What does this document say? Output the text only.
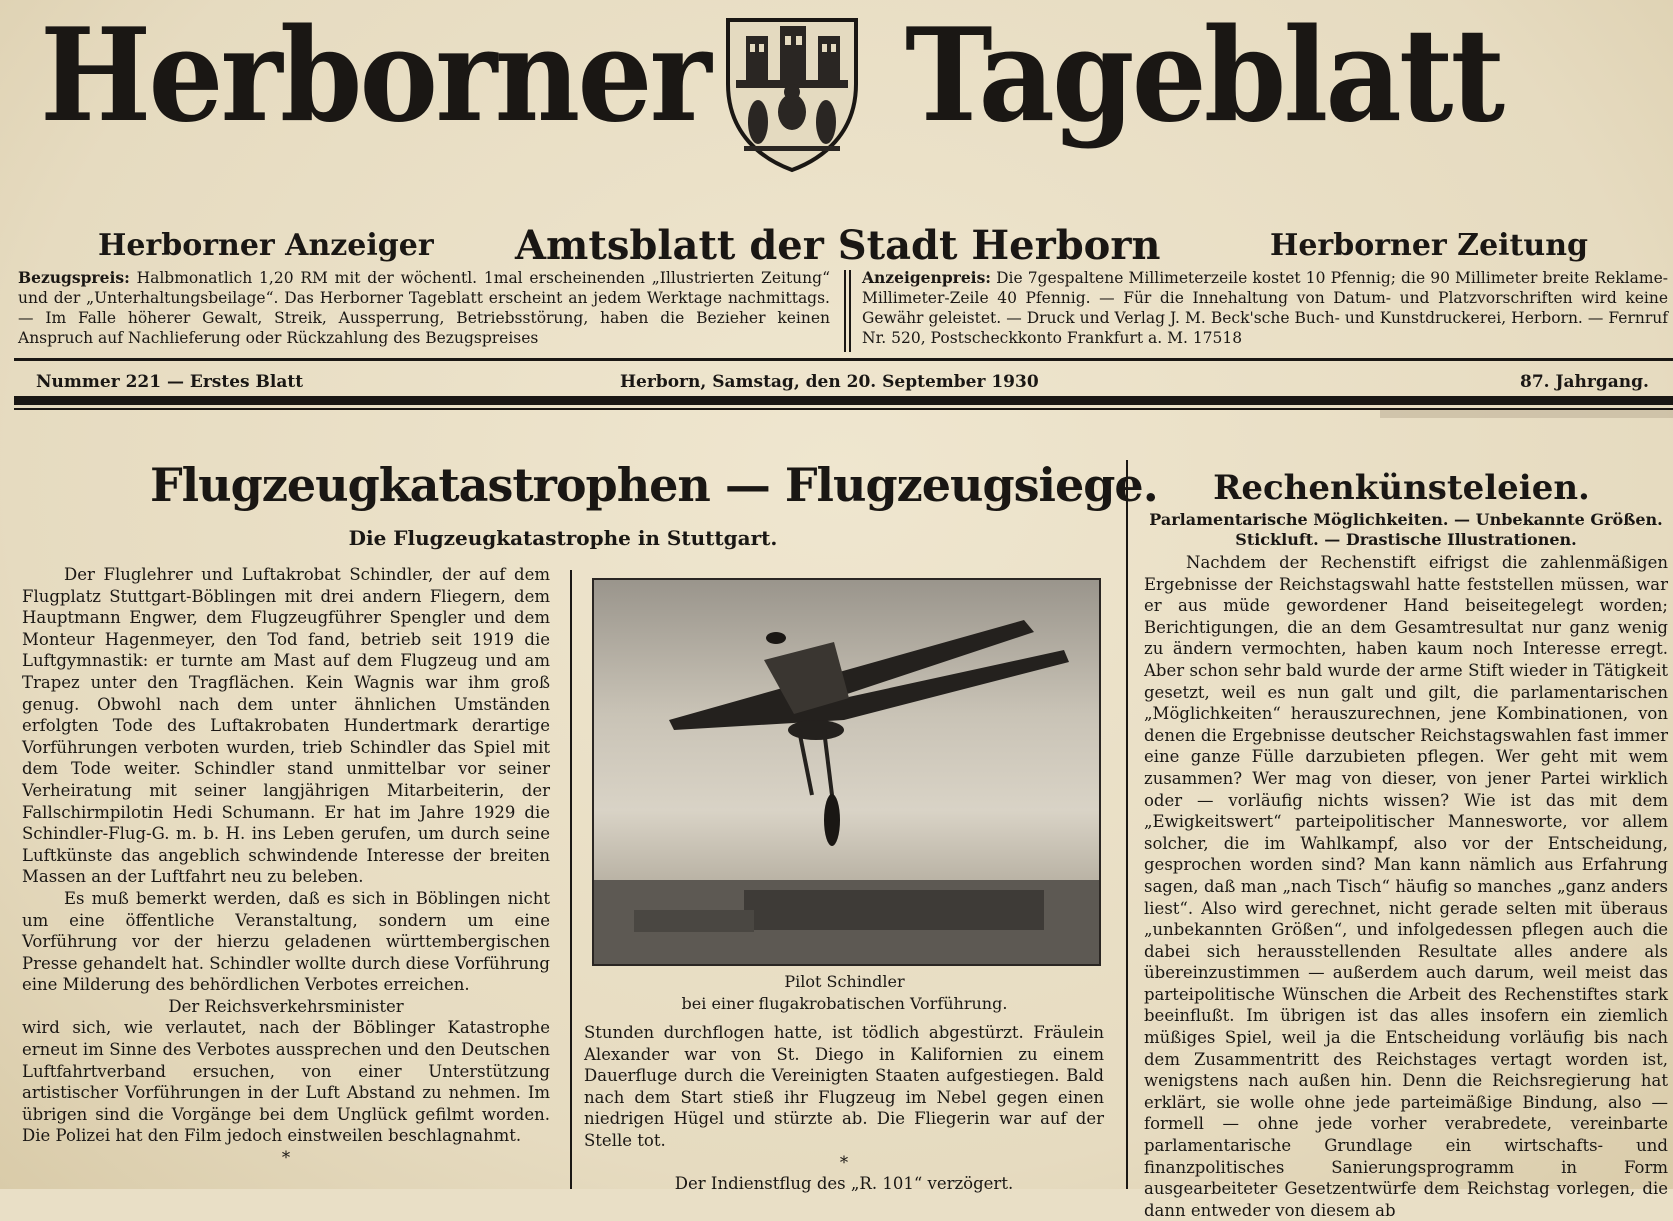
Herborner Tageblatt
Herborner Anzeiger Amtsblatt der Stadt Herborn	Herborner Zeitung
Bezugspreis: Halbmonatlich 1,20 RM mit der wöchentl. 1mal erscheinenden „Illustrierten Zeitung“ und der „Unterhaltungsbeilage“. Das Herborner Tageblatt erscheint an jedem Werktage nachmittags. — Im Falle höherer Gewalt, Streik, Aussperrung, Betriebsstörung, haben die Bezieher keinen Anspruch auf Nachlieferung oder Rückzahlung des Bezugspreises
Anzeigenpreis: Die 7gespaltene Millimeterzeile kostet 10 Pfennig; die 90 Millimeter breite Reklame-Millimeter-Zeile 40 Pfennig. — Für die Innehaltung von Datum- und Platzvorschriften wird keine Gewähr geleistet. — Druck und Verlag J. M. Beck'sche Buch- und Kunstdruckerei, Herborn. — Fernruf Nr. 520, Postscheckkonto Frankfurt a. M. 17518
Nummer 221 — Erstes Blatt	Herborn, Samstag, den 20. September 1930	87. Jahrgang.
Flugzeugkatastrophen — Flugzeugsiege.
Die Flugzeugkatastrophe in Stuttgart.

Der Fluglehrer und Luftakrobat Schindler, der auf dem Flugplatz Stuttgart-Böblingen mit drei andern Fliegern, dem Hauptmann Engwer, dem Flugzeugführer Spengler und dem Monteur Hagenmeyer, den Tod fand, betrieb seit 1919 die Luftgymnastik: er turnte am Mast auf dem Flugzeug und am Trapez unter den Tragflächen. Kein Wagnis war ihm groß genug. Obwohl nach dem unter ähnlichen Umständen erfolgten Tode des Luftakrobaten Hundertmark derartige Vorführungen verboten wurden, trieb Schindler das Spiel mit dem Tode weiter. Schindler stand unmittelbar vor seiner Verheiratung mit seiner langjährigen Mitarbeiterin, der Fallschirmpilotin Hedi Schumann. Er hat im Jahre 1929 die Schindler-Flug-G. m. b. H. ins Leben gerufen, um durch seine Luftkünste das angeblich schwindende Interesse der breiten Massen an der Luftfahrt neu zu beleben.

Es muß bemerkt werden, daß es sich in Böblingen nicht um eine öffentliche Veranstaltung, sondern um eine Vorführung vor der hierzu geladenen württembergischen Presse gehandelt hat. Schindler wollte durch diese Vorführung eine Milderung des behördlichen Verbotes erreichen.

Der Reichsverkehrsminister

wird sich, wie verlautet, nach der Böblinger Katastrophe erneut im Sinne des Verbotes aussprechen und den Deutschen Luftfahrtverband ersuchen, von einer Unterstützung artistischer Vorführungen in der Luft Abstand zu nehmen. Im übrigen sind die Vorgänge bei dem Unglück gefilmt worden. Die Polizei hat den Film jedoch einstweilen beschlagnahmt.

*

Pilot Schindler
bei einer flugakrobatischen Vorführung.

Stunden durchflogen hatte, ist tödlich abgestürzt. Fräulein Alexander war von St. Diego in Kalifornien zu einem Dauerfluge durch die Vereinigten Staaten aufgestiegen. Bald nach dem Start stieß ihr Flugzeug im Nebel gegen einen niedrigen Hügel und stürzte ab. Die Fliegerin war auf der Stelle tot.

*

Der Indienstflug des „R. 101“ verzögert.

Rechenkünsteleien.
Parlamentarische Möglichkeiten. — Unbekannte Größen. Stickluft. — Drastische Illustrationen.

Nachdem der Rechenstift eifrigst die zahlenmäßigen Ergebnisse der Reichstagswahl hatte feststellen müssen, war er aus müde gewordener Hand beiseitegelegt worden; Berichtigungen, die an dem Gesamtresultat nur ganz wenig zu ändern vermochten, haben kaum noch Interesse erregt. Aber schon sehr bald wurde der arme Stift wieder in Tätigkeit gesetzt, weil es nun galt und gilt, die parlamentarischen „Möglichkeiten“ herauszurechnen, jene Kombinationen, von denen die Ergebnisse deutscher Reichstagswahlen fast immer eine ganze Fülle darzubieten pflegen. Wer geht mit wem zusammen? Wer mag von dieser, von jener Partei wirklich oder — vorläufig nichts wissen? Wie ist das mit dem „Ewigkeitswert“ parteipolitischer Manneswortе, vor allem solcher, die im Wahlkampf, also vor der Entscheidung, gesprochen worden sind? Man kann nämlich aus Erfahrung sagen, daß man „nach Tisch“ häufig so manches „ganz anders liest“. Also wird gerechnet, nicht gerade selten mit überaus „unbekannten Größen“, und infolgedessen pflegen auch die dabei sich herausstellenden Resultate alles andere als übereinzustimmen — außerdem auch darum, weil meist das parteipolitische Wünschen die Arbeit des Rechenstiftes stark beeinflußt. Im übrigen ist das alles insofern ein ziemlich müßiges Spiel, weil ja die Entscheidung vorläufig bis nach dem Zusammentritt des Reichstages vertagt worden ist, wenigstens nach außen hin. Denn die Reichsregierung hat erklärt, sie wolle ohne jede parteimäßige Bindung, also — formell — ohne jede vorher verabredete, vereinbarte parlamentarische Grundlage ein wirtschafts- und finanzpolitisches Sanierungsprogramm in Form ausgearbeiteter Gesetzentwürfe dem Reichstag vorlegen, die dann entweder von diesem ab
